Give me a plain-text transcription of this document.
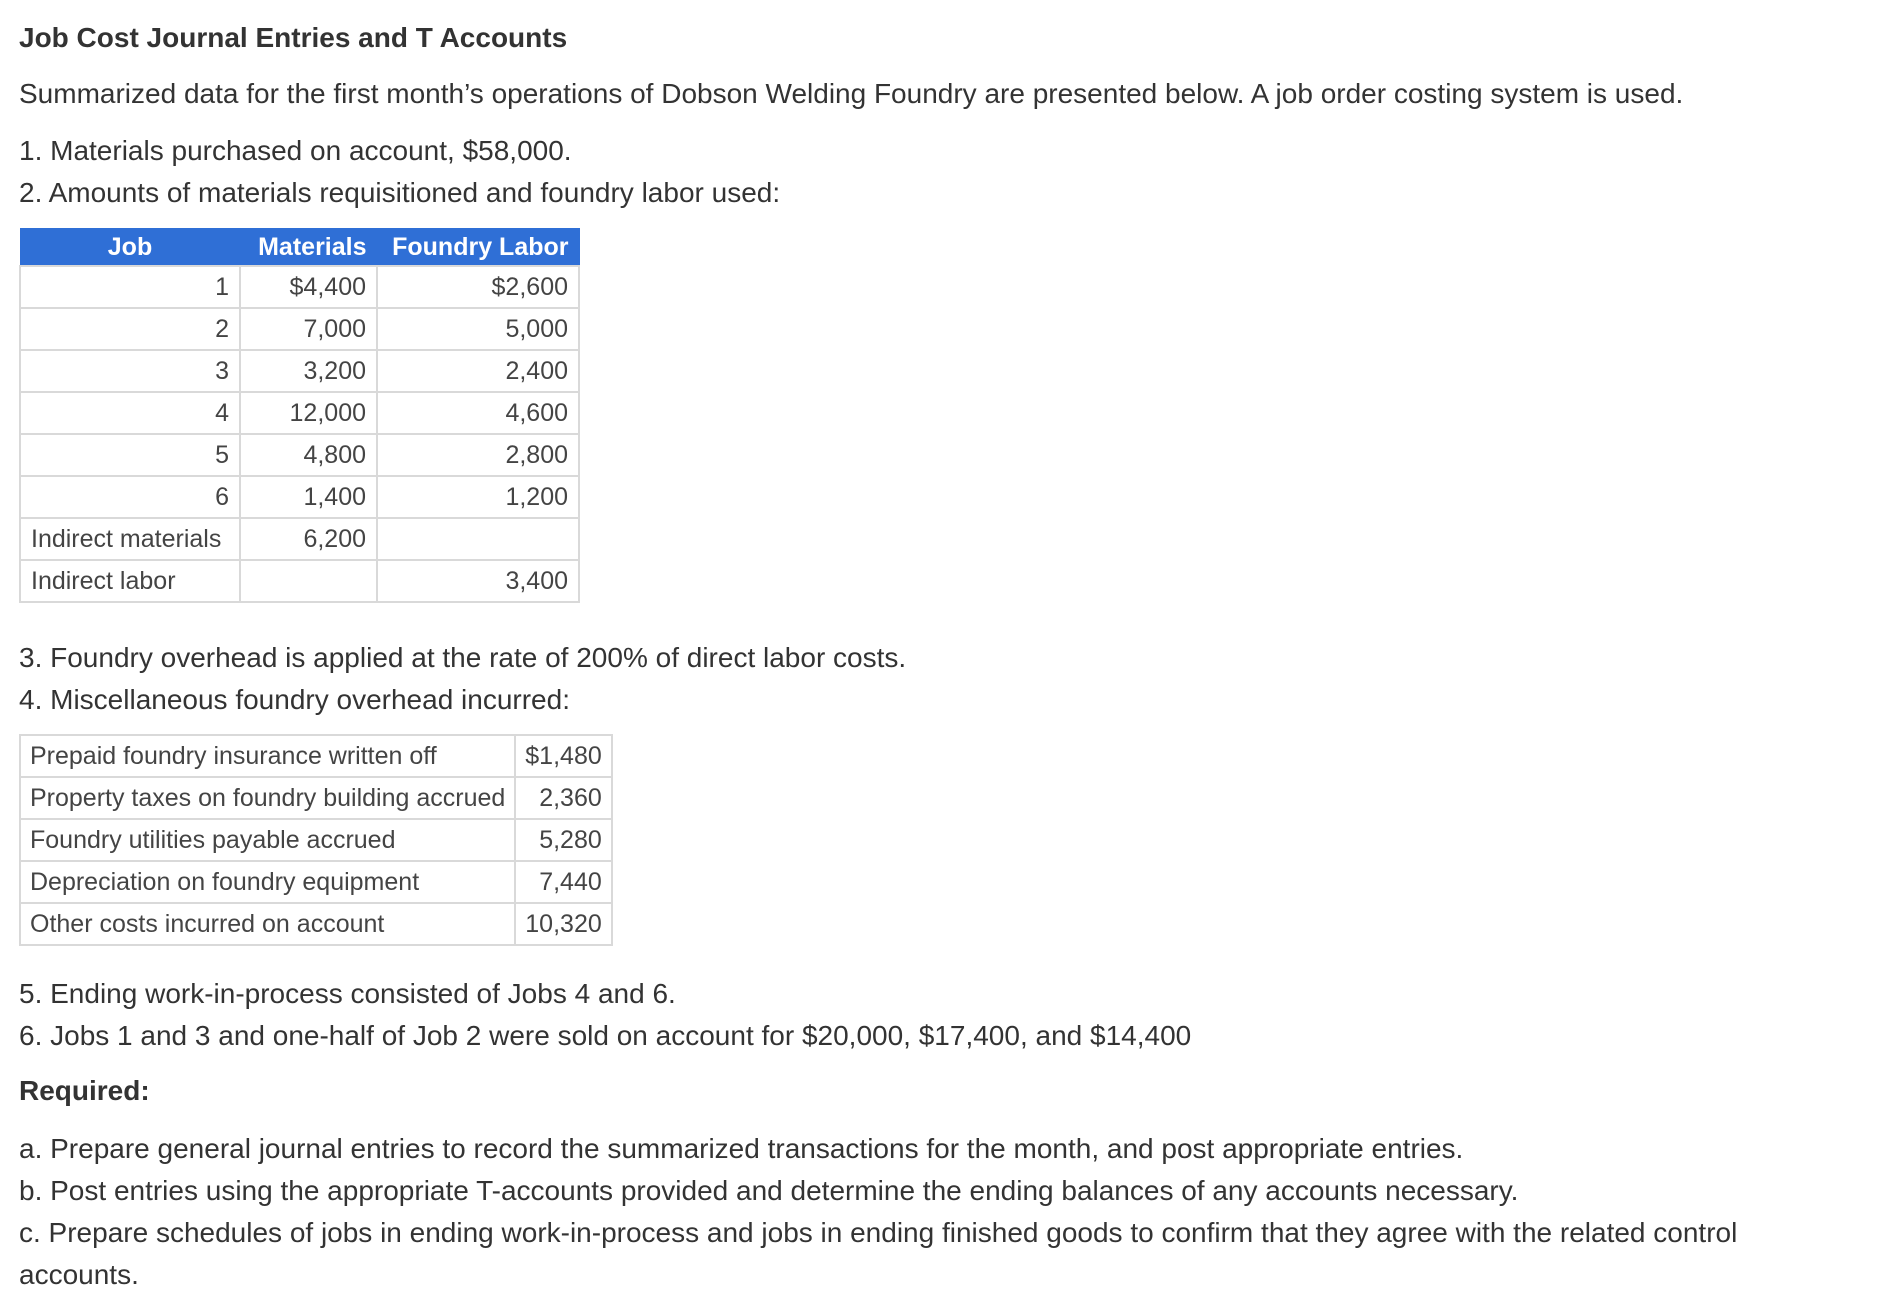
Job Cost Journal Entries and T Accounts
Summarized data for the first month’s operations of Dobson Welding Foundry are presented below. A job order costing system is used.
1. Materials purchased on account, $58,000.
2. Amounts of materials requisitioned and foundry labor used:
Job	Materials	Foundry Labor
1	$4,400	$2,600
2	7,000	5,000
3	3,200	2,400
4	12,000	4,600
5	4,800	2,800
6	1,400	1,200
Indirect materials	6,200	
Indirect labor		3,400
3. Foundry overhead is applied at the rate of 200% of direct labor costs.
4. Miscellaneous foundry overhead incurred:
Prepaid foundry insurance written off	$1,480
Property taxes on foundry building accrued	2,360
Foundry utilities payable accrued	5,280
Depreciation on foundry equipment	7,440
Other costs incurred on account	10,320
5. Ending work-in-process consisted of Jobs 4 and 6.
6. Jobs 1 and 3 and one-half of Job 2 were sold on account for $20,000, $17,400, and $14,400
Required:
a. Prepare general journal entries to record the summarized transactions for the month, and post appropriate entries.
b. Post entries using the appropriate T-accounts provided and determine the ending balances of any accounts necessary.
c. Prepare schedules of jobs in ending work-in-process and jobs in ending finished goods to confirm that they agree with the related control
accounts.
